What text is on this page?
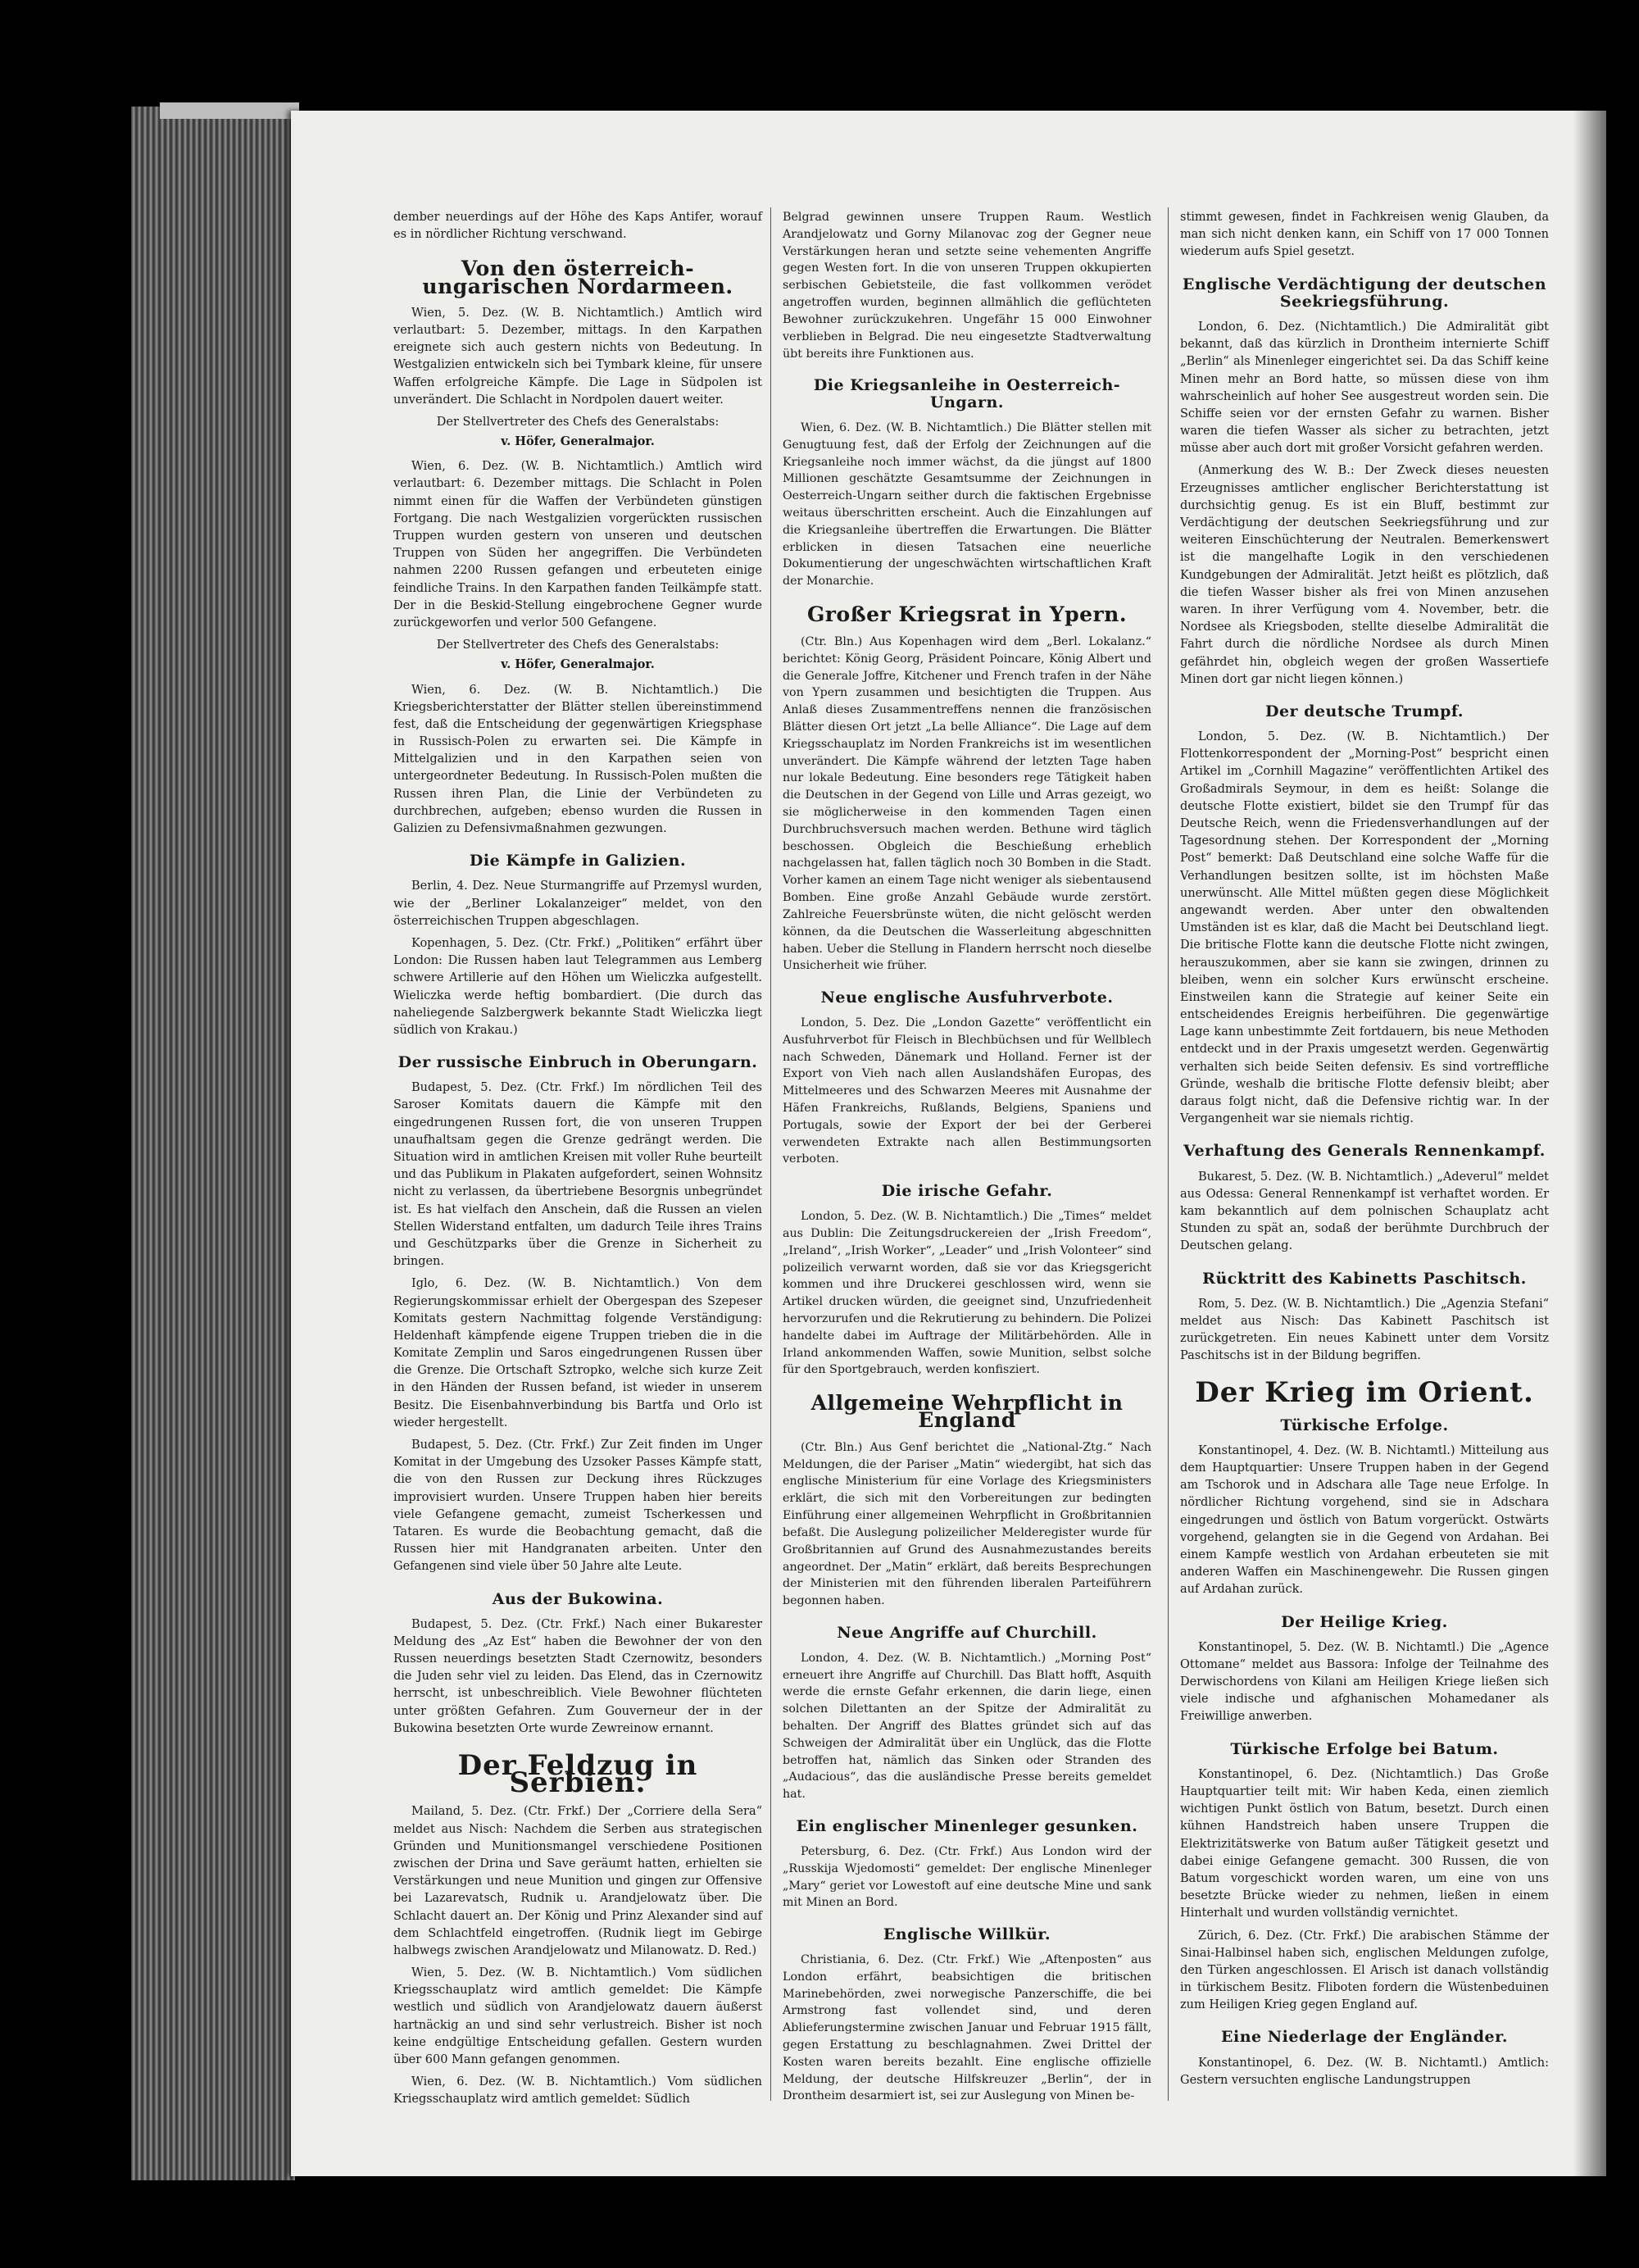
dember neuerdings auf der Höhe des Kaps Antifer, worauf es in nördlicher Richtung verschwand.

Von den österreich-ungarischen Nordarmeen.

Wien, 5. Dez. (W. B. Nichtamtlich.) Amtlich wird verlautbart: 5. Dezember, mittags. In den Karpathen ereignete sich auch gestern nichts von Bedeutung. In Westgalizien entwickeln sich bei Tymbark kleine, für unsere Waffen erfolgreiche Kämpfe. Die Lage in Südpolen ist unverändert. Die Schlacht in Nordpolen dauert weiter.

Der Stellvertreter des Chefs des Generalstabs:
v. Höfer, Generalmajor.

Wien, 6. Dez. (W. B. Nichtamtlich.) Amtlich wird verlautbart: 6. Dezember mittags. Die Schlacht in Polen nimmt einen für die Waffen der Verbündeten günstigen Fortgang. Die nach Westgalizien vorgerückten russischen Truppen wurden gestern von unseren und deutschen Truppen von Süden her angegriffen. Die Verbündeten nahmen 2200 Russen gefangen und erbeuteten einige feindliche Trains. In den Karpathen fanden Teilkämpfe statt. Der in die Beskid-Stellung eingebrochene Gegner wurde zurückgeworfen und verlor 500 Gefangene.

Der Stellvertreter des Chefs des Generalstabs:
v. Höfer, Generalmajor.

Wien, 6. Dez. (W. B. Nichtamtlich.) Die Kriegsberichterstatter der Blätter stellen übereinstimmend fest, daß die Entscheidung der gegenwärtigen Kriegsphase in Russisch-Polen zu erwarten sei. Die Kämpfe in Mittelgalizien und in den Karpathen seien von untergeordneter Bedeutung. In Russisch-Polen mußten die Russen ihren Plan, die Linie der Verbündeten zu durchbrechen, aufgeben; ebenso wurden die Russen in Galizien zu Defensivmaßnahmen gezwungen.

Die Kämpfe in Galizien.

Berlin, 4. Dez. Neue Sturmangriffe auf Przemysl wurden, wie der „Berliner Lokalanzeiger“ meldet, von den österreichischen Truppen abgeschlagen.

Kopenhagen, 5. Dez. (Ctr. Frkf.) „Politiken“ erfährt über London: Die Russen haben laut Telegrammen aus Lemberg schwere Artillerie auf den Höhen um Wieliczka aufgestellt. Wieliczka werde heftig bombardiert. (Die durch das naheliegende Salzbergwerk bekannte Stadt Wieliczka liegt südlich von Krakau.)

Der russische Einbruch in Oberungarn.

Budapest, 5. Dez. (Ctr. Frkf.) Im nördlichen Teil des Saroser Komitats dauern die Kämpfe mit den eingedrungenen Russen fort, die von unseren Truppen unaufhaltsam gegen die Grenze gedrängt werden. Die Situation wird in amtlichen Kreisen mit voller Ruhe beurteilt und das Publikum in Plakaten aufgefordert, seinen Wohnsitz nicht zu verlassen, da übertriebene Besorgnis unbegründet ist. Es hat vielfach den Anschein, daß die Russen an vielen Stellen Widerstand entfalten, um dadurch Teile ihres Trains und Geschützparks über die Grenze in Sicherheit zu bringen.

Iglo, 6. Dez. (W. B. Nichtamtlich.) Von dem Regierungskommissar erhielt der Obergespan des Szepeser Komitats gestern Nachmittag folgende Verständigung: Heldenhaft kämpfende eigene Truppen trieben die in die Komitate Zemplin und Saros eingedrungenen Russen über die Grenze. Die Ortschaft Sztropko, welche sich kurze Zeit in den Händen der Russen befand, ist wieder in unserem Besitz. Die Eisenbahnverbindung bis Bartfa und Orlo ist wieder hergestellt.

Budapest, 5. Dez. (Ctr. Frkf.) Zur Zeit finden im Unger Komitat in der Umgebung des Uzsoker Passes Kämpfe statt, die von den Russen zur Deckung ihres Rückzuges improvisiert wurden. Unsere Truppen haben hier bereits viele Gefangene gemacht, zumeist Tscherkessen und Tataren. Es wurde die Beobachtung gemacht, daß die Russen hier mit Handgranaten arbeiten. Unter den Gefangenen sind viele über 50 Jahre alte Leute.

Aus der Bukowina.

Budapest, 5. Dez. (Ctr. Frkf.) Nach einer Bukarester Meldung des „Az Est“ haben die Bewohner der von den Russen neuerdings besetzten Stadt Czernowitz, besonders die Juden sehr viel zu leiden. Das Elend, das in Czernowitz herrscht, ist unbeschreiblich. Viele Bewohner flüchteten unter größten Gefahren. Zum Gouverneur der in der Bukowina besetzten Orte wurde Zewreinow ernannt.

Der Feldzug in Serbien.

Mailand, 5. Dez. (Ctr. Frkf.) Der „Corriere della Sera“ meldet aus Nisch: Nachdem die Serben aus strategischen Gründen und Munitionsmangel verschiedene Positionen zwischen der Drina und Save geräumt hatten, erhielten sie Verstärkungen und neue Munition und gingen zur Offensive bei Lazarevatsch, Rudnik u. Arandjelowatz über. Die Schlacht dauert an. Der König und Prinz Alexander sind auf dem Schlachtfeld eingetroffen. (Rudnik liegt im Gebirge halbwegs zwischen Arandjelowatz und Milanowatz. D. Red.)

Wien, 5. Dez. (W. B. Nichtamtlich.) Vom südlichen Kriegsschauplatz wird amtlich gemeldet: Die Kämpfe westlich und südlich von Arandjelowatz dauern äußerst hartnäckig an und sind sehr verlustreich. Bisher ist noch keine endgültige Entscheidung gefallen. Gestern wurden über 600 Mann gefangen genommen.

Wien, 6. Dez. (W. B. Nichtamtlich.) Vom südlichen Kriegsschauplatz wird amtlich gemeldet: Südlich

Belgrad gewinnen unsere Truppen Raum. Westlich Arandjelowatz und Gorny Milanovac zog der Gegner neue Verstärkungen heran und setzte seine vehementen Angriffe gegen Westen fort. In die von unseren Truppen okkupierten serbischen Gebietsteile, die fast vollkommen verödet angetroffen wurden, beginnen allmählich die geflüchteten Bewohner zurückzukehren. Ungefähr 15 000 Einwohner verblieben in Belgrad. Die neu eingesetzte Stadtverwaltung übt bereits ihre Funktionen aus.

Die Kriegsanleihe in Oesterreich-Ungarn.

Wien, 6. Dez. (W. B. Nichtamtlich.) Die Blätter stellen mit Genugtuung fest, daß der Erfolg der Zeichnungen auf die Kriegsanleihe noch immer wächst, da die jüngst auf 1800 Millionen geschätzte Gesamtsumme der Zeichnungen in Oesterreich-Ungarn seither durch die faktischen Ergebnisse weitaus überschritten erscheint. Auch die Einzahlungen auf die Kriegsanleihe übertreffen die Erwartungen. Die Blätter erblicken in diesen Tatsachen eine neuerliche Dokumentierung der ungeschwächten wirtschaftlichen Kraft der Monarchie.

Großer Kriegsrat in Ypern.

(Ctr. Bln.) Aus Kopenhagen wird dem „Berl. Lokalanz.“ berichtet: König Georg, Präsident Poincare, König Albert und die Generale Joffre, Kitchener und French trafen in der Nähe von Ypern zusammen und besichtigten die Truppen. Aus Anlaß dieses Zusammentreffens nennen die französischen Blätter diesen Ort jetzt „La belle Alliance“. Die Lage auf dem Kriegsschauplatz im Norden Frankreichs ist im wesentlichen unverändert. Die Kämpfe während der letzten Tage haben nur lokale Bedeutung. Eine besonders rege Tätigkeit haben die Deutschen in der Gegend von Lille und Arras gezeigt, wo sie möglicherweise in den kommenden Tagen einen Durchbruchsversuch machen werden. Bethune wird täglich beschossen. Obgleich die Beschießung erheblich nachgelassen hat, fallen täglich noch 30 Bomben in die Stadt. Vorher kamen an einem Tage nicht weniger als siebentausend Bomben. Eine große Anzahl Gebäude wurde zerstört. Zahlreiche Feuersbrünste wüten, die nicht gelöscht werden können, da die Deutschen die Wasserleitung abgeschnitten haben. Ueber die Stellung in Flandern herrscht noch dieselbe Unsicherheit wie früher.

Neue englische Ausfuhrverbote.

London, 5. Dez. Die „London Gazette“ veröffentlicht ein Ausfuhrverbot für Fleisch in Blechbüchsen und für Wellblech nach Schweden, Dänemark und Holland. Ferner ist der Export von Vieh nach allen Auslandshäfen Europas, des Mittelmeeres und des Schwarzen Meeres mit Ausnahme der Häfen Frankreichs, Rußlands, Belgiens, Spaniens und Portugals, sowie der Export der bei der Gerberei verwendeten Extrakte nach allen Bestimmungsorten verboten.

Die irische Gefahr.

London, 5. Dez. (W. B. Nichtamtlich.) Die „Times“ meldet aus Dublin: Die Zeitungsdruckereien der „Irish Freedom“, „Ireland“, „Irish Worker“, „Leader“ und „Irish Volonteer“ sind polizeilich verwarnt worden, daß sie vor das Kriegsgericht kommen und ihre Druckerei geschlossen wird, wenn sie Artikel drucken würden, die geeignet sind, Unzufriedenheit hervorzurufen und die Rekrutierung zu behindern. Die Polizei handelte dabei im Auftrage der Militärbehörden. Alle in Irland ankommenden Waffen, sowie Munition, selbst solche für den Sportgebrauch, werden konfisziert.

Allgemeine Wehrpflicht in England

(Ctr. Bln.) Aus Genf berichtet die „National-Ztg.“ Nach Meldungen, die der Pariser „Matin“ wiedergibt, hat sich das englische Ministerium für eine Vorlage des Kriegsministers erklärt, die sich mit den Vorbereitungen zur bedingten Einführung einer allgemeinen Wehrpflicht in Großbritannien befaßt. Die Auslegung polizeilicher Melderegister wurde für Großbritannien auf Grund des Ausnahmezustandes bereits angeordnet. Der „Matin“ erklärt, daß bereits Besprechungen der Ministerien mit den führenden liberalen Parteiführern begonnen haben.

Neue Angriffe auf Churchill.

London, 4. Dez. (W. B. Nichtamtlich.) „Morning Post“ erneuert ihre Angriffe auf Churchill. Das Blatt hofft, Asquith werde die ernste Gefahr erkennen, die darin liege, einen solchen Dilettanten an der Spitze der Admiralität zu behalten. Der Angriff des Blattes gründet sich auf das Schweigen der Admiralität über ein Unglück, das die Flotte betroffen hat, nämlich das Sinken oder Stranden des „Audacious“, das die ausländische Presse bereits gemeldet hat.

Ein englischer Minenleger gesunken.

Petersburg, 6. Dez. (Ctr. Frkf.) Aus London wird der „Russkija Wjedomosti“ gemeldet: Der englische Minenleger „Mary“ geriet vor Lowestoft auf eine deutsche Mine und sank mit Minen an Bord.

Englische Willkür.

Christiania, 6. Dez. (Ctr. Frkf.) Wie „Aftenposten“ aus London erfährt, beabsichtigen die britischen Marinebehörden, zwei norwegische Panzerschiffe, die bei Armstrong fast vollendet sind, und deren Ablieferungstermine zwischen Januar und Februar 1915 fällt, gegen Erstattung zu beschlagnahmen. Zwei Drittel der Kosten waren bereits bezahlt. Eine englische offizielle Meldung, der deutsche Hilfskreuzer „Berlin“, der in Drontheim desarmiert ist, sei zur Auslegung von Minen be-

stimmt gewesen, findet in Fachkreisen wenig Glauben, da man sich nicht denken kann, ein Schiff von 17 000 Tonnen wiederum aufs Spiel gesetzt.

Englische Verdächtigung der deutschen Seekriegsführung.

London, 6. Dez. (Nichtamtlich.) Die Admiralität gibt bekannt, daß das kürzlich in Drontheim internierte Schiff „Berlin“ als Minenleger eingerichtet sei. Da das Schiff keine Minen mehr an Bord hatte, so müssen diese von ihm wahrscheinlich auf hoher See ausgestreut worden sein. Die Schiffe seien vor der ernsten Gefahr zu warnen. Bisher waren die tiefen Wasser als sicher zu betrachten, jetzt müsse aber auch dort mit großer Vorsicht gefahren werden.

(Anmerkung des W. B.: Der Zweck dieses neuesten Erzeugnisses amtlicher englischer Berichterstattung ist durchsichtig genug. Es ist ein Bluff, bestimmt zur Verdächtigung der deutschen Seekriegsführung und zur weiteren Einschüchterung der Neutralen. Bemerkenswert ist die mangelhafte Logik in den verschiedenen Kundgebungen der Admiralität. Jetzt heißt es plötzlich, daß die tiefen Wasser bisher als frei von Minen anzusehen waren. In ihrer Verfügung vom 4. November, betr. die Nordsee als Kriegsboden, stellte dieselbe Admiralität die Fahrt durch die nördliche Nordsee als durch Minen gefährdet hin, obgleich wegen der großen Wassertiefe Minen dort gar nicht liegen können.)

Der deutsche Trumpf.

London, 5. Dez. (W. B. Nichtamtlich.) Der Flottenkorrespondent der „Morning-Post“ bespricht einen Artikel im „Cornhill Magazine“ veröffentlichten Artikel des Großadmirals Seymour, in dem es heißt: Solange die deutsche Flotte existiert, bildet sie den Trumpf für das Deutsche Reich, wenn die Friedensverhandlungen auf der Tagesordnung stehen. Der Korrespondent der „Morning Post“ bemerkt: Daß Deutschland eine solche Waffe für die Verhandlungen besitzen sollte, ist im höchsten Maße unerwünscht. Alle Mittel müßten gegen diese Möglichkeit angewandt werden. Aber unter den obwaltenden Umständen ist es klar, daß die Macht bei Deutschland liegt. Die britische Flotte kann die deutsche Flotte nicht zwingen, herauszukommen, aber sie kann sie zwingen, drinnen zu bleiben, wenn ein solcher Kurs erwünscht erscheine. Einstweilen kann die Strategie auf keiner Seite ein entscheidendes Ereignis herbeiführen. Die gegenwärtige Lage kann unbestimmte Zeit fortdauern, bis neue Methoden entdeckt und in der Praxis umgesetzt werden. Gegenwärtig verhalten sich beide Seiten defensiv. Es sind vortreffliche Gründe, weshalb die britische Flotte defensiv bleibt; aber daraus folgt nicht, daß die Defensive richtig war. In der Vergangenheit war sie niemals richtig.

Verhaftung des Generals Rennenkampf.

Bukarest, 5. Dez. (W. B. Nichtamtlich.) „Adeverul“ meldet aus Odessa: General Rennenkampf ist verhaftet worden. Er kam bekanntlich auf dem polnischen Schauplatz acht Stunden zu spät an, sodaß der berühmte Durchbruch der Deutschen gelang.

Rücktritt des Kabinetts Paschitsch.

Rom, 5. Dez. (W. B. Nichtamtlich.) Die „Agenzia Stefani“ meldet aus Nisch: Das Kabinett Paschitsch ist zurückgetreten. Ein neues Kabinett unter dem Vorsitz Paschitschs ist in der Bildung begriffen.

Der Krieg im Orient.
Türkische Erfolge.

Konstantinopel, 4. Dez. (W. B. Nichtamtl.) Mitteilung aus dem Hauptquartier: Unsere Truppen haben in der Gegend am Tschorok und in Adschara alle Tage neue Erfolge. In nördlicher Richtung vorgehend, sind sie in Adschara eingedrungen und östlich von Batum vorgerückt. Ostwärts vorgehend, gelangten sie in die Gegend von Ardahan. Bei einem Kampfe westlich von Ardahan erbeuteten sie mit anderen Waffen ein Maschinengewehr. Die Russen gingen auf Ardahan zurück.

Der Heilige Krieg.

Konstantinopel, 5. Dez. (W. B. Nichtamtl.) Die „Agence Ottomane“ meldet aus Bassora: Infolge der Teilnahme des Derwischordens von Kilani am Heiligen Kriege ließen sich viele indische und afghanischen Mohamedaner als Freiwillige anwerben.

Türkische Erfolge bei Batum.

Konstantinopel, 6. Dez. (Nichtamtlich.) Das Große Hauptquartier teilt mit: Wir haben Keda, einen ziemlich wichtigen Punkt östlich von Batum, besetzt. Durch einen kühnen Handstreich haben unsere Truppen die Elektrizitätswerke von Batum außer Tätigkeit gesetzt und dabei einige Gefangene gemacht. 300 Russen, die von Batum vorgeschickt worden waren, um eine von uns besetzte Brücke wieder zu nehmen, ließen in einem Hinterhalt und wurden vollständig vernichtet.

Zürich, 6. Dez. (Ctr. Frkf.) Die arabischen Stämme der Sinai-Halbinsel haben sich, englischen Meldungen zufolge, den Türken angeschlossen. El Arisch ist danach vollständig in türkischem Besitz. Fliboten fordern die Wüstenbeduinen zum Heiligen Krieg gegen England auf.

Eine Niederlage der Engländer.

Konstantinopel, 6. Dez. (W. B. Nichtamtl.) Amtlich: Gestern versuchten englische Landungstruppen
